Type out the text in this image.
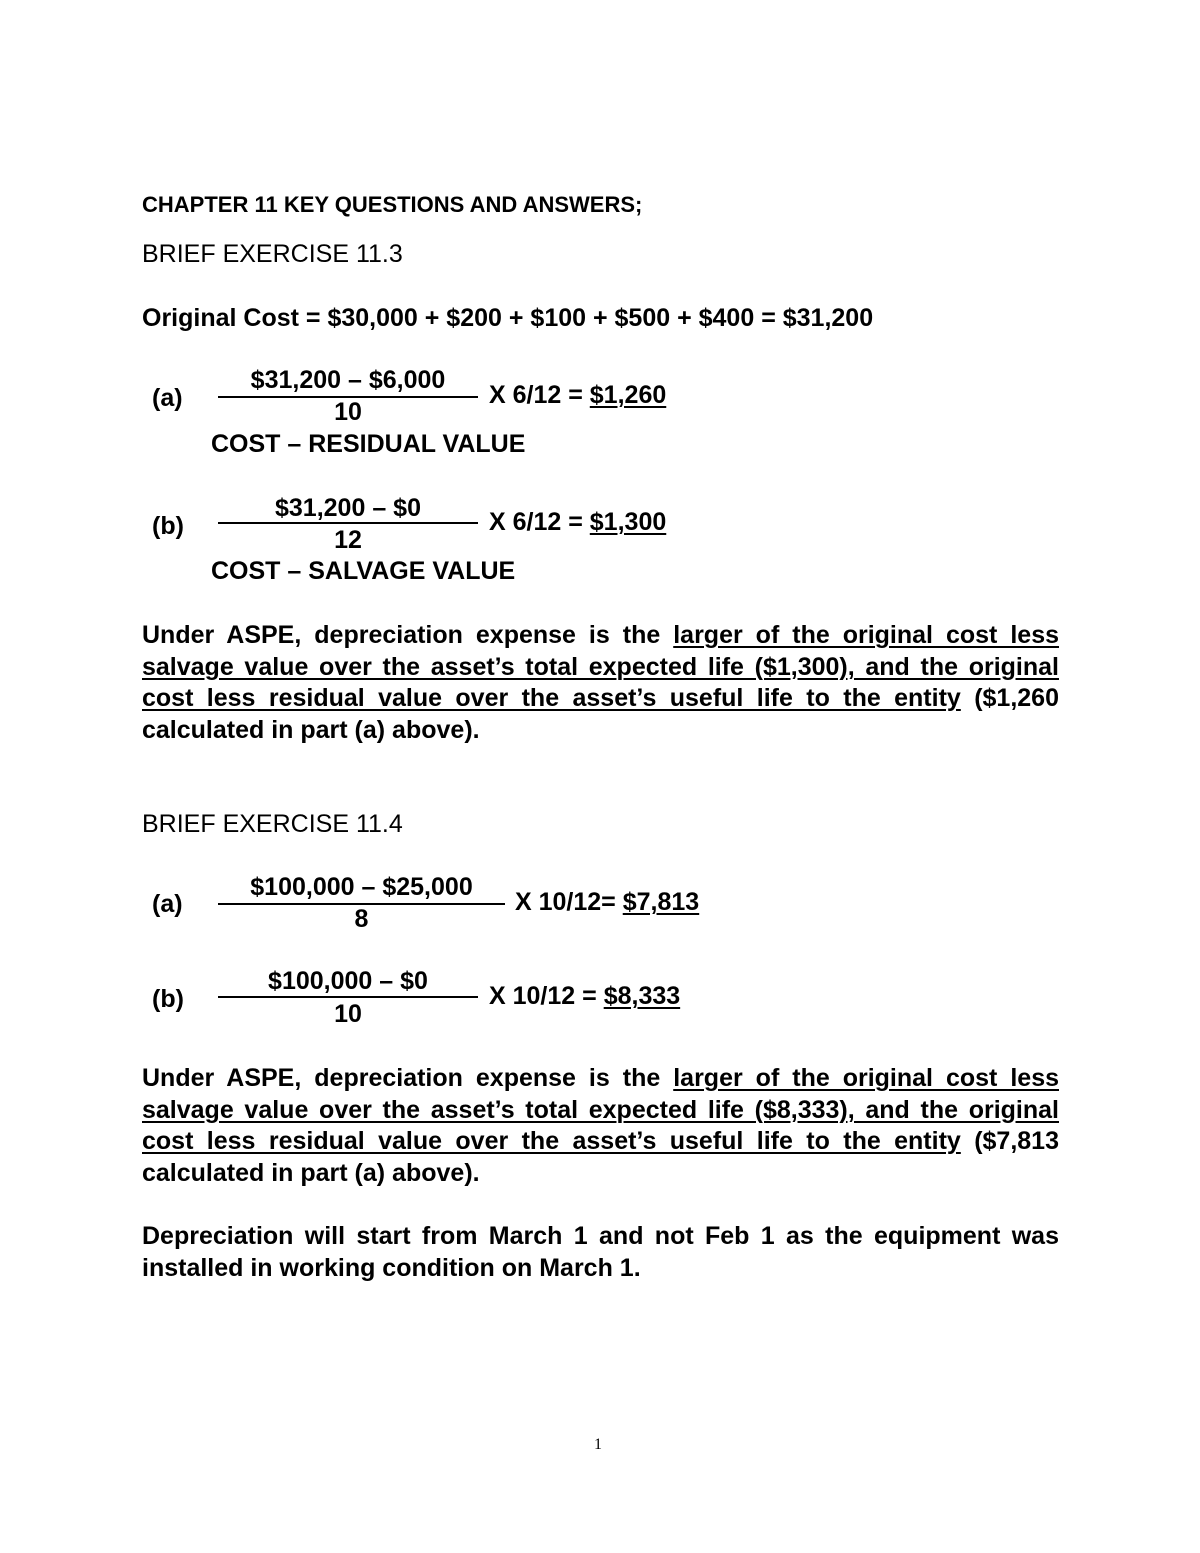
CHAPTER 11 KEY QUESTIONS AND ANSWERS;
BRIEF EXERCISE 11.3
Original Cost = $30,000 + $200 + $100 + $500 + $400 = $31,200
(a)
$31,200 – $6,000
10
X 6/12 = $1,260
COST – RESIDUAL VALUE
(b)
$31,200 – $0
12
X 6/12 = $1,300
COST – SALVAGE VALUE
Under ASPE, depreciation expense is the larger of the original cost less salvage value over the asset’s total expected life ($1,300), and the original cost less residual value over the asset’s useful life to the entity ($1,260 calculated in part (a) above).
BRIEF EXERCISE 11.4
(a)
$100,000 – $25,000
8
X 10/12= $7,813
(b)
$100,000 – $0
10
X 10/12 = $8,333
Under ASPE, depreciation expense is the larger of the original cost less salvage value over the asset’s total expected life ($8,333), and the original cost less residual value over the asset’s useful life to the entity ($7,813 calculated in part (a) above).
Depreciation will start from March 1 and not Feb 1 as the equipment was installed in working condition on March 1.
1
